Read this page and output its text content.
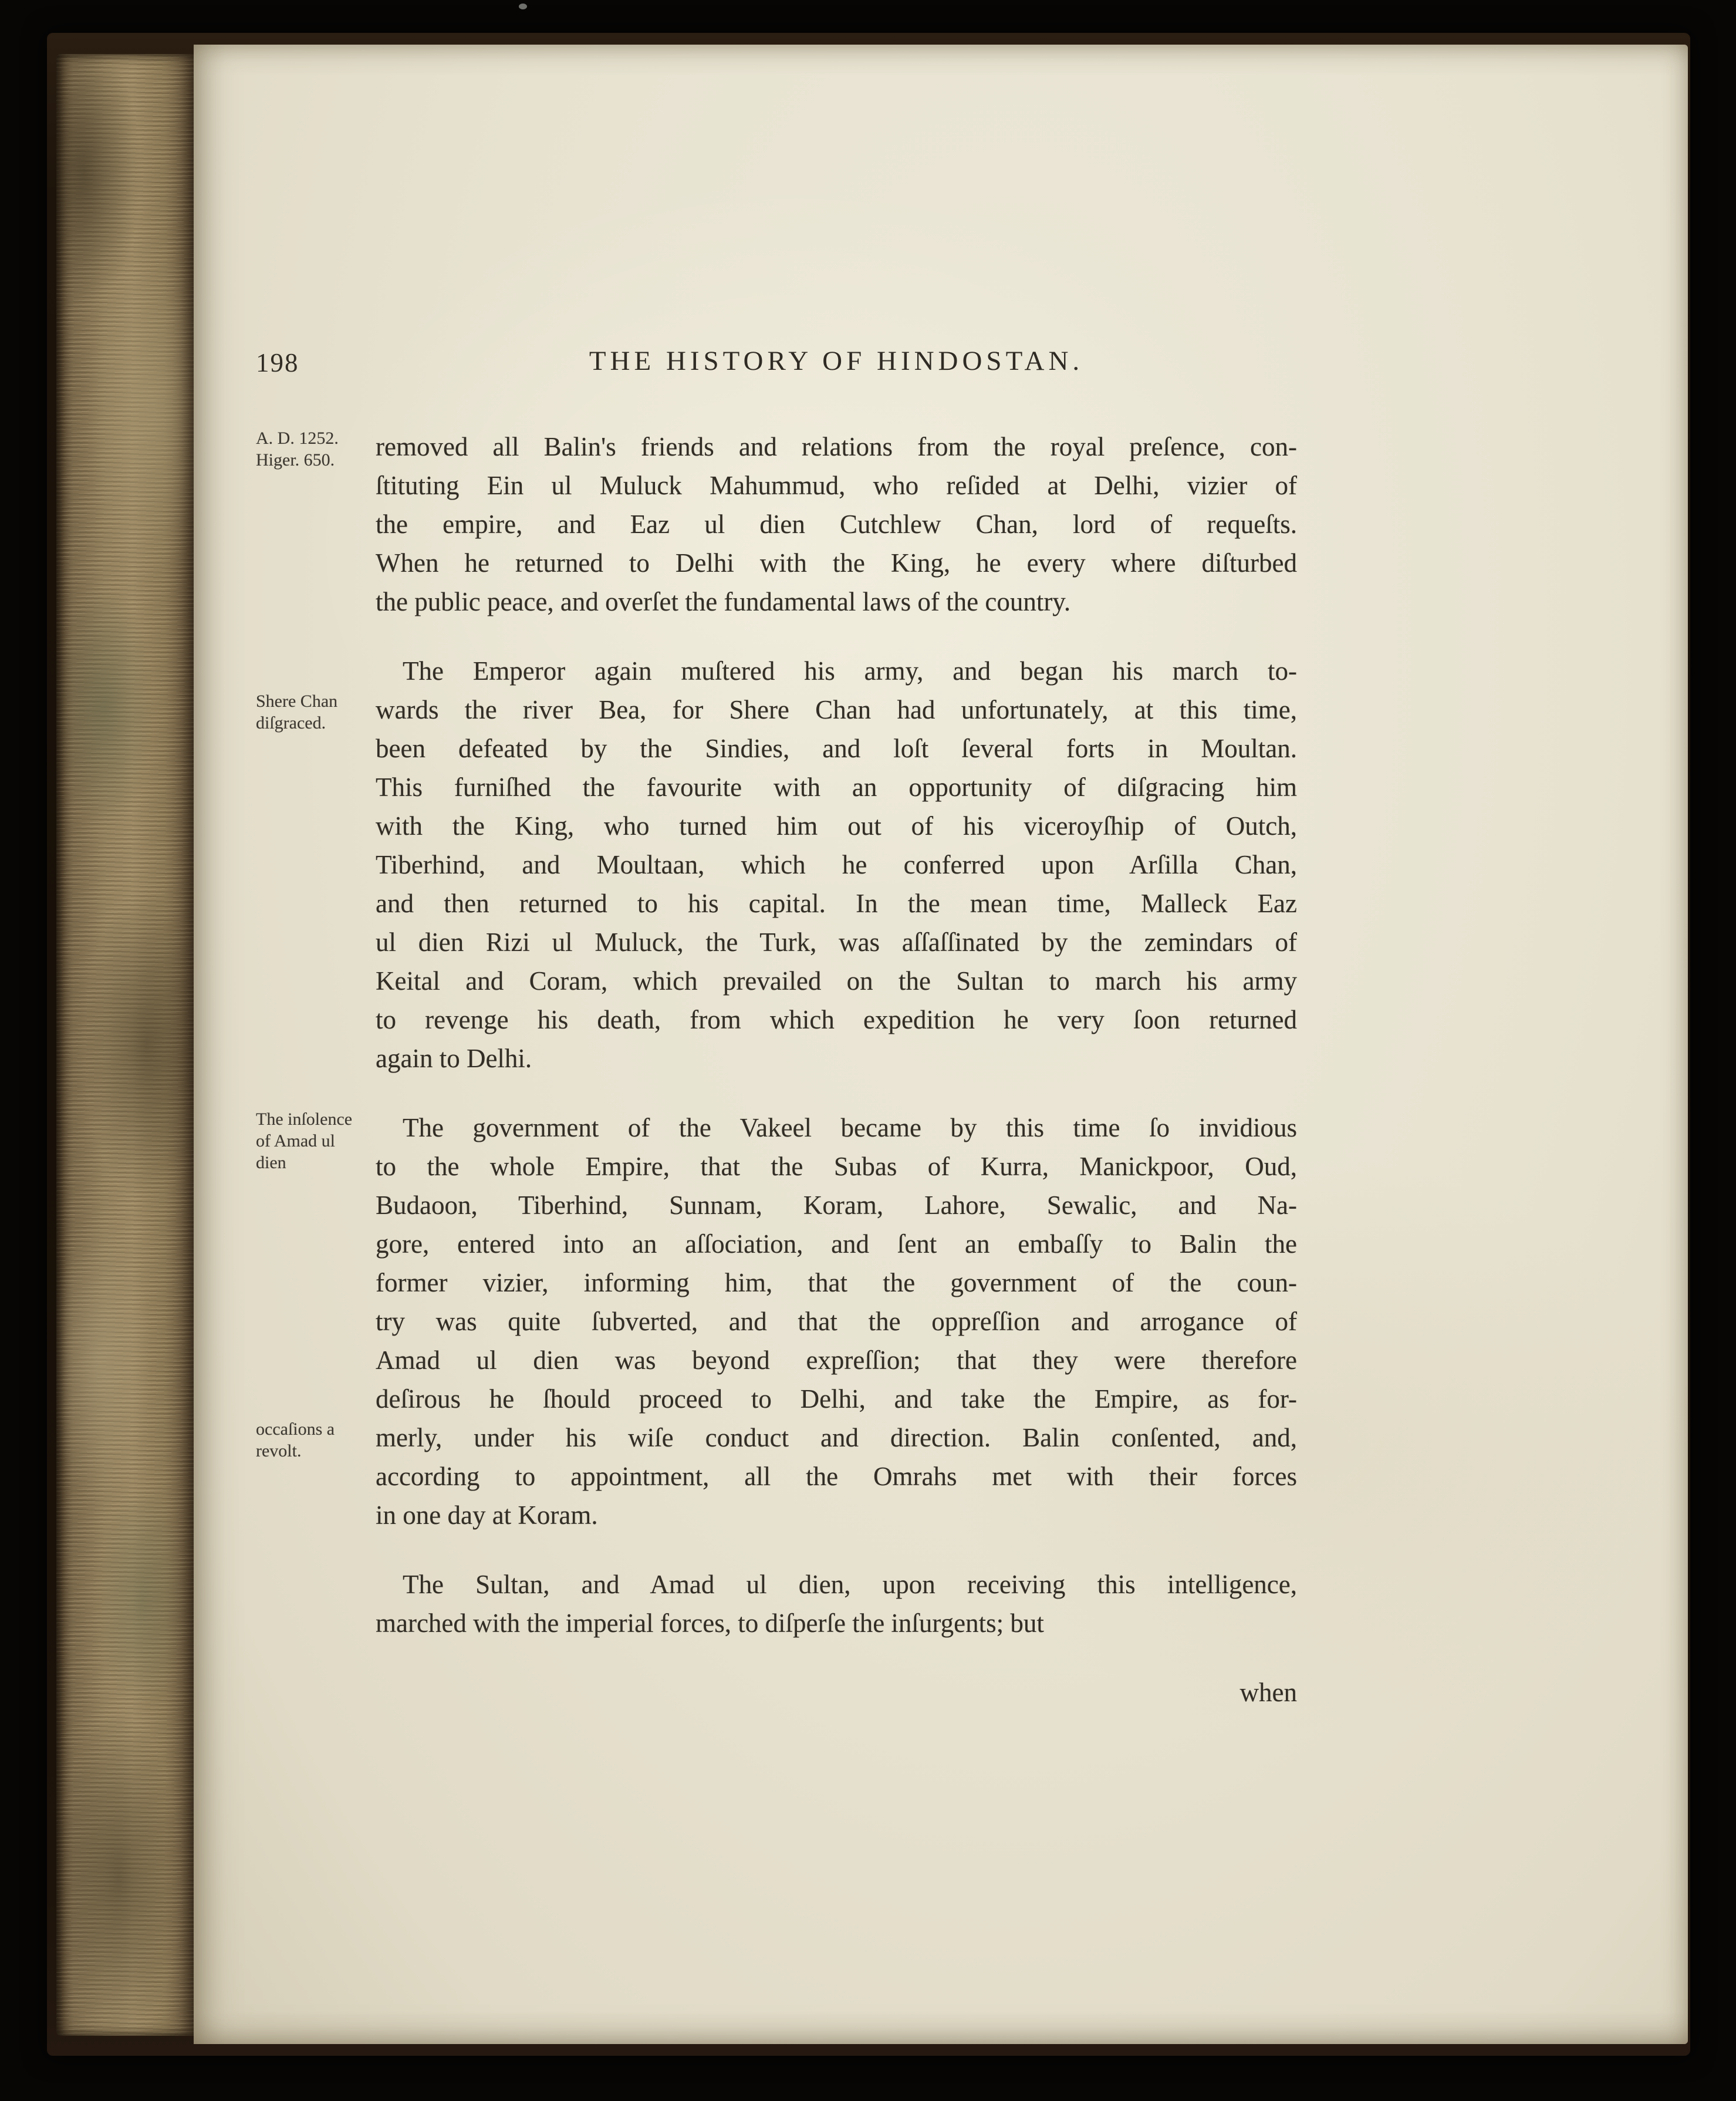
198	THE HISTORY OF HINDOSTAN.
A. D. 1252.
Higer. 650.
Shere Chan
diſgraced.
The inſolence
of Amad ul
dien
occaſions a
revolt.
removed all Balin's friends and relations from the royal preſence, con-
ſtituting Ein ul Muluck Mahummud, who reſided at Delhi, vizier of
the empire, and Eaz ul dien Cutchlew Chan, lord of requeſts.
When he returned to Delhi with the King, he every where diſturbed
the public peace, and overſet the fundamental laws of the country.
The Emperor again muſtered his army, and began his march to-
wards the river Bea, for Shere Chan had unfortunately, at this time,
been defeated by the Sindies, and loſt ſeveral forts in Moultan.
This furniſhed the favourite with an opportunity of diſgracing him
with the King, who turned him out of his viceroyſhip of Outch,
Tiberhind, and Moultaan, which he conferred upon Arſilla Chan,
and then returned to his capital. In the mean time, Malleck Eaz
ul dien Rizi ul Muluck, the Turk, was aſſaſſinated by the zemindars of
Keital and Coram, which prevailed on the Sultan to march his army
to revenge his death, from which expedition he very ſoon returned
again to Delhi.
The government of the Vakeel became by this time ſo invidious
to the whole Empire, that the Subas of Kurra, Manickpoor, Oud,
Budaoon, Tiberhind, Sunnam, Koram, Lahore, Sewalic, and Na-
gore, entered into an aſſociation, and ſent an embaſſy to Balin the
former vizier, informing him, that the government of the coun-
try was quite ſubverted, and that the oppreſſion and arrogance of
Amad ul dien was beyond expreſſion; that they were therefore
deſirous he ſhould proceed to Delhi, and take the Empire, as for-
merly, under his wiſe conduct and direction. Balin conſented, and,
according to appointment, all the Omrahs met with their forces
in one day at Koram.
The Sultan, and Amad ul dien, upon receiving this intelligence,
marched with the imperial forces, to diſperſe the inſurgents; but
when
